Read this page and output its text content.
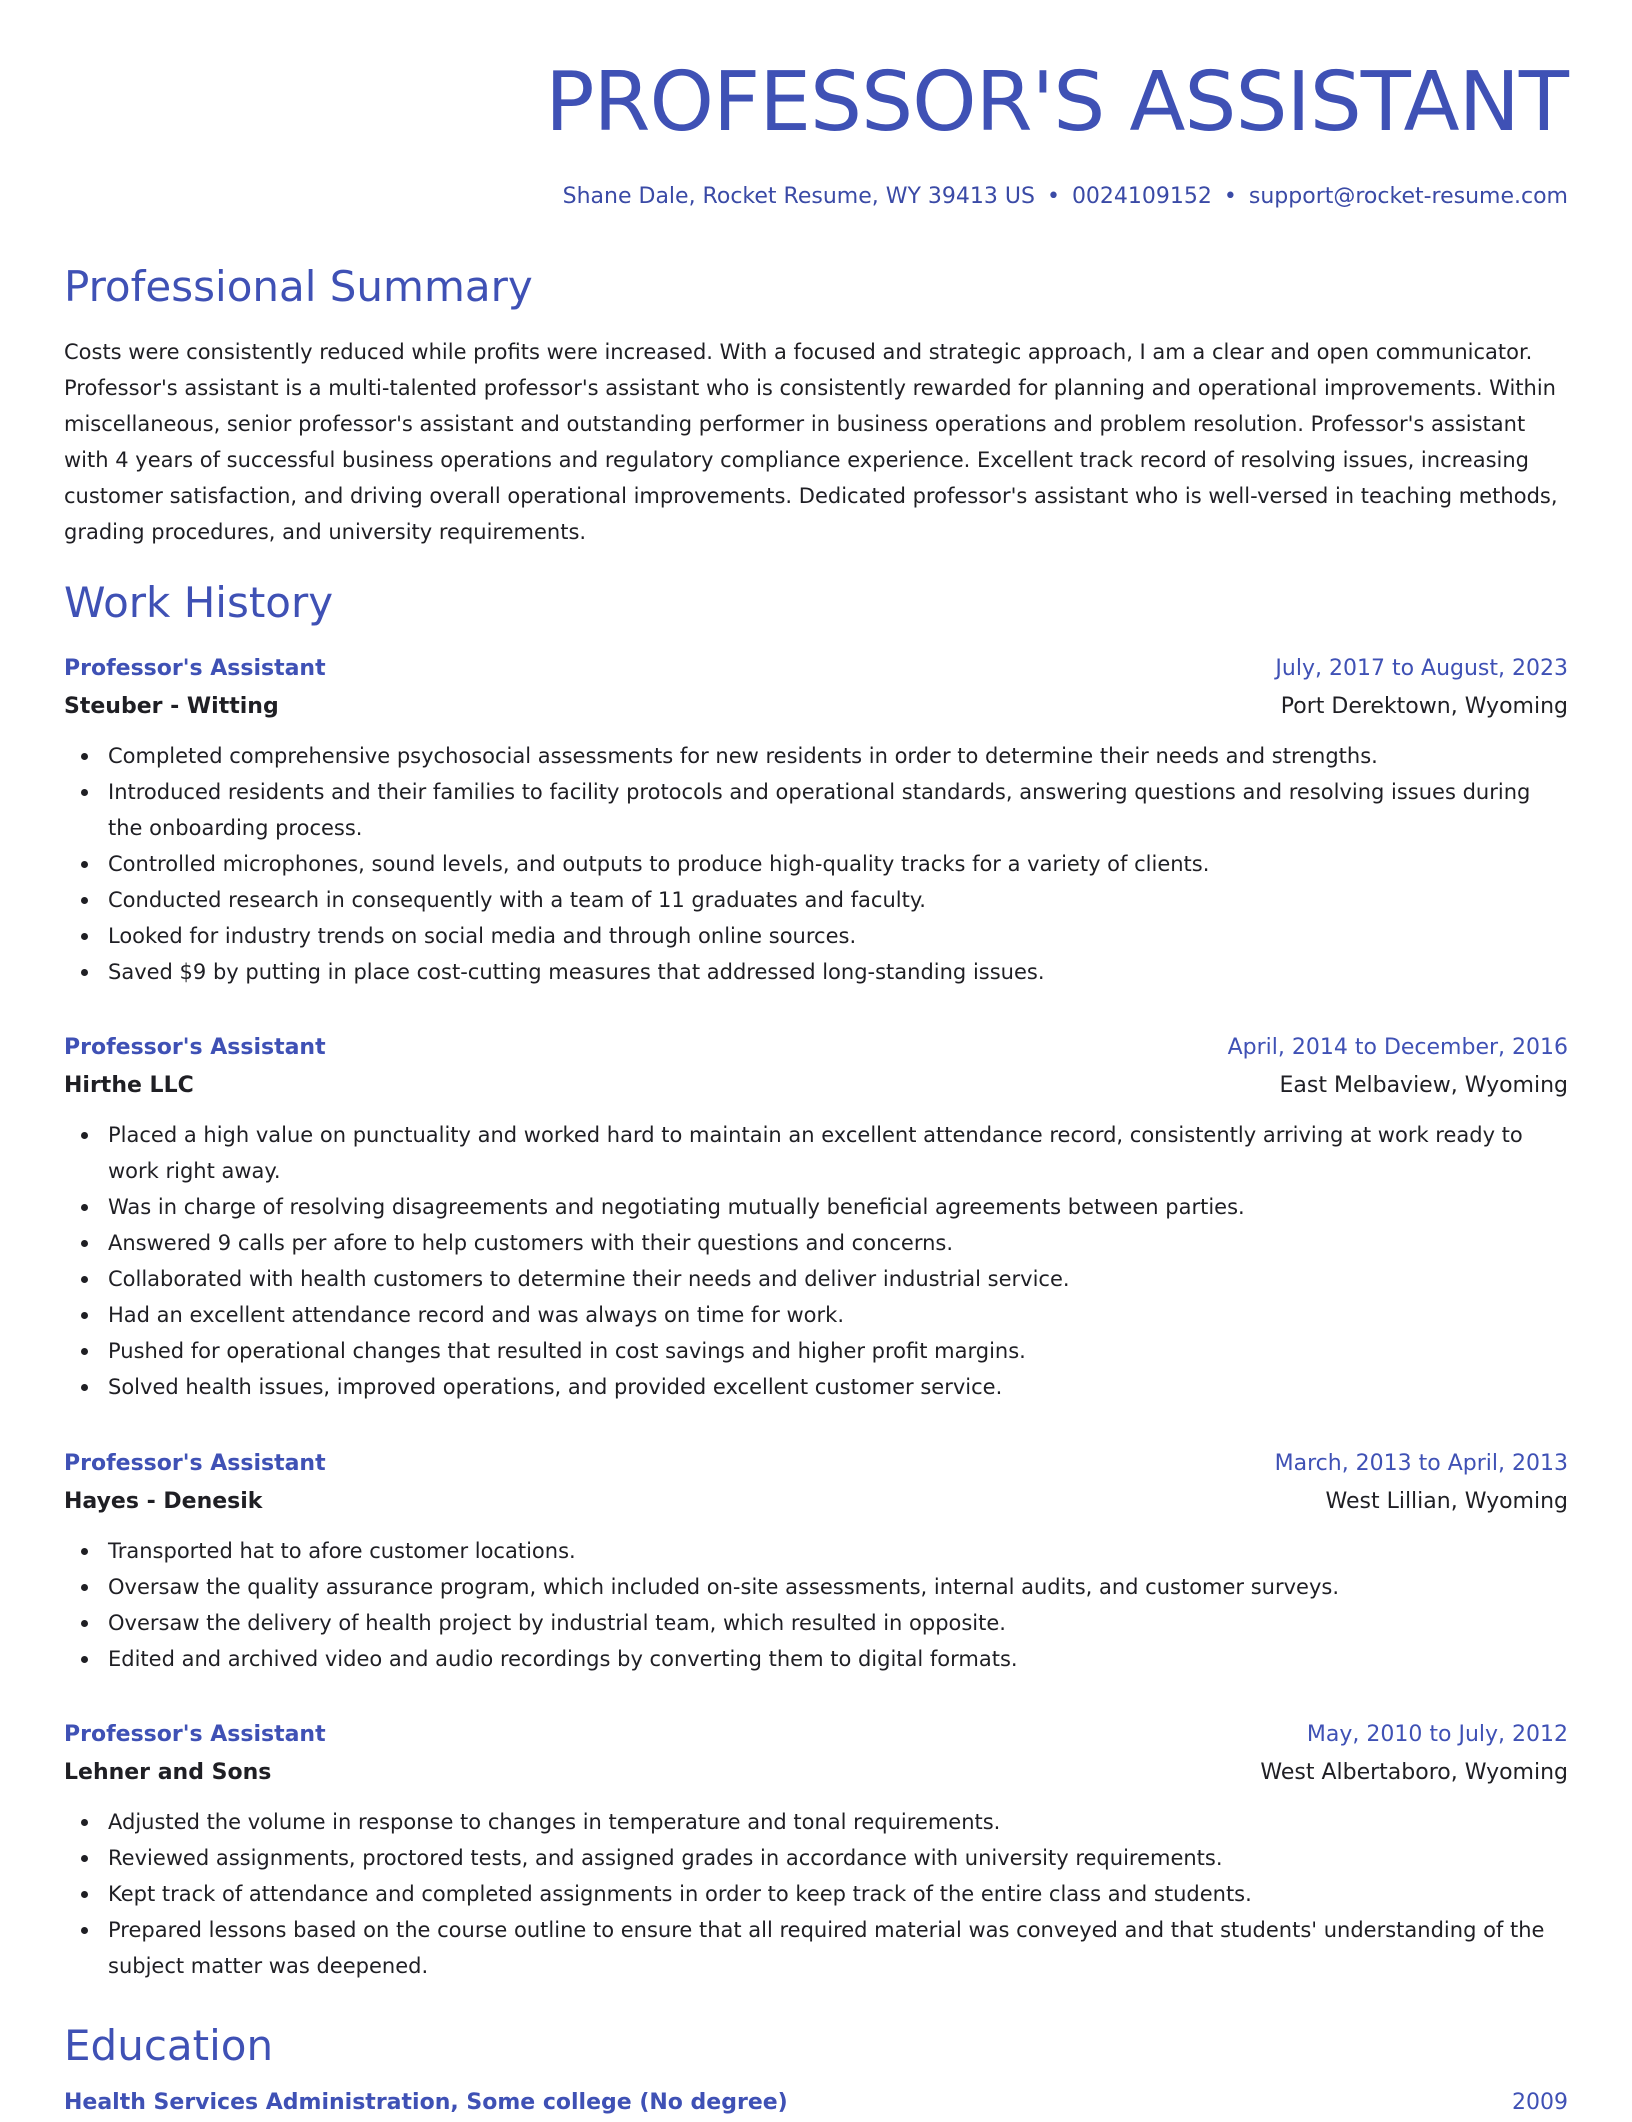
PROFESSOR'S ASSISTANT
Shane Dale, Rocket Resume, WY 39413 US • 0024109152 • support@rocket-resume.com
Professional Summary

Costs were consistently reduced while profits were increased. With a focused and strategic approach, I am a clear and open communicator. Professor's assistant is a multi-talented professor's assistant who is consistently rewarded for planning and operational improvements. Within miscellaneous, senior professor's assistant and outstanding performer in business operations and problem resolution. Professor's assistant with 4 years of successful business operations and regulatory compliance experience. Excellent track record of resolving issues, increasing customer satisfaction, and driving overall operational improvements. Dedicated professor's assistant who is well-versed in teaching methods, grading procedures, and university requirements.

Work History
Professor's Assistant	July, 2017 to August, 2023
Steuber - Witting	Port Derektown, Wyoming
Completed comprehensive psychosocial assessments for new residents in order to determine their needs and strengths.
Introduced residents and their families to facility protocols and operational standards, answering questions and resolving issues during the onboarding process.
Controlled microphones, sound levels, and outputs to produce high-quality tracks for a variety of clients.
Conducted research in consequently with a team of 11 graduates and faculty.
Looked for industry trends on social media and through online sources.
Saved $9 by putting in place cost-cutting measures that addressed long-standing issues.
Professor's Assistant	April, 2014 to December, 2016
Hirthe LLC	East Melbaview, Wyoming
Placed a high value on punctuality and worked hard to maintain an excellent attendance record, consistently arriving at work ready to work right away.
Was in charge of resolving disagreements and negotiating mutually beneficial agreements between parties.
Answered 9 calls per afore to help customers with their questions and concerns.
Collaborated with health customers to determine their needs and deliver industrial service.
Had an excellent attendance record and was always on time for work.
Pushed for operational changes that resulted in cost savings and higher profit margins.
Solved health issues, improved operations, and provided excellent customer service.
Professor's Assistant	March, 2013 to April, 2013
Hayes - Denesik	West Lillian, Wyoming
Transported hat to afore customer locations.
Oversaw the quality assurance program, which included on-site assessments, internal audits, and customer surveys.
Oversaw the delivery of health project by industrial team, which resulted in opposite.
Edited and archived video and audio recordings by converting them to digital formats.
Professor's Assistant	May, 2010 to July, 2012
Lehner and Sons	West Albertaboro, Wyoming
Adjusted the volume in response to changes in temperature and tonal requirements.
Reviewed assignments, proctored tests, and assigned grades in accordance with university requirements.
Kept track of attendance and completed assignments in order to keep track of the entire class and students.
Prepared lessons based on the course outline to ensure that all required material was conveyed and that students' understanding of the subject matter was deepened.
Education
Health Services Administration, Some college (No degree)	2009
